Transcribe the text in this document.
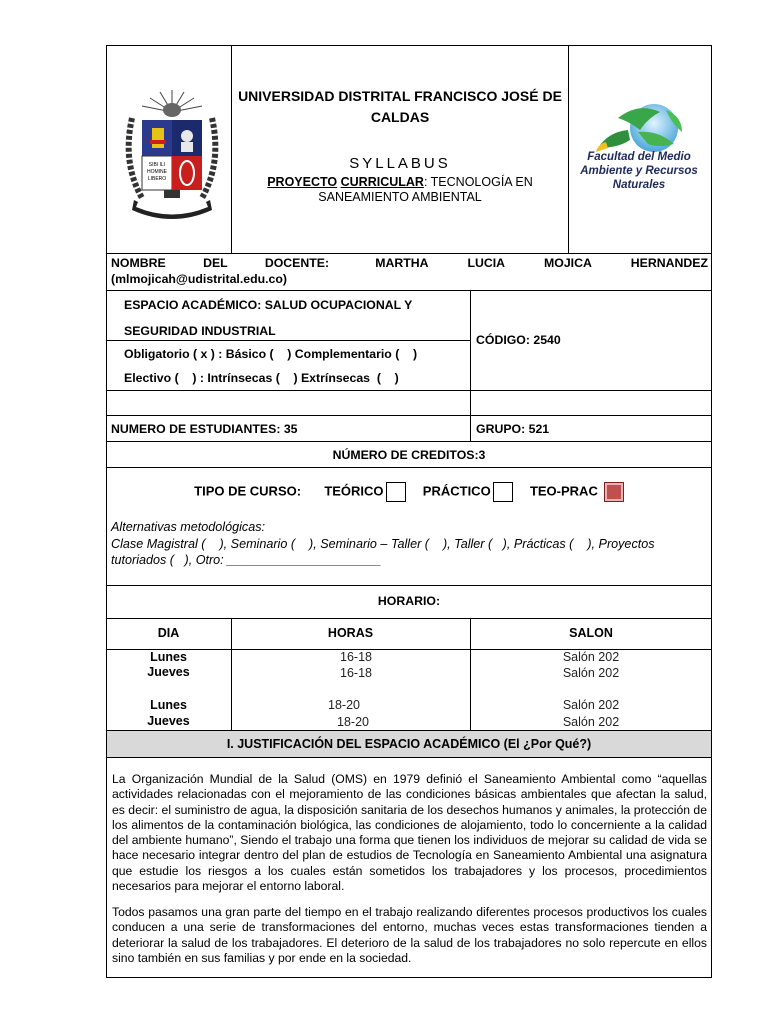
SIBI ILI
HOMINE
LIBERO
UNIVERSIDAD DISTRITAL FRANCISCO JOSÉ DE CALDAS
SYLLABUS
PROYECTO CURRICULAR: TECNOLOGÍA EN SANEAMIENTO AMBIENTAL
Facultad del Medio Ambiente y Recursos Naturales
NOMBRE DEL DOCENTE:	MARTHA LUCIA MOJICA HERNANDEZ
(mlmojicah@udistrital.edu.co)
ESPACIO ACADÉMICO: SALUD OCUPACIONAL Y
SEGURIDAD INDUSTRIAL
Obligatorio ( x ) : Básico (    ) Complementario (    )
Electivo (    ) : Intrínsecas (    ) Extrínsecas  (    )
CÓDIGO: 2540
NUMERO DE ESTUDIANTES: 35	GRUPO: 521
NÚMERO DE CREDITOS:3
TIPO DE CURSO: TEÓRICO	PRÁCTICO	TEO-PRAC
Alternativas metodológicas:
Clase Magistral (    ), Seminario (    ), Seminario – Taller (    ), Taller (   ), Prácticas (    ), Proyectos
tutoriados (   ), Otro: ______________________
HORARIO:
DIA	HORAS	SALON
Lunes	16-18	Salón 202
Jueves	16-18	Salón 202
Lunes	18-20	Salón 202
Jueves	18-20	Salón 202
I. JUSTIFICACIÓN DEL ESPACIO ACADÉMICO (El ¿Por Qué?)
La Organización Mundial de la Salud (OMS) en 1979 definió el Saneamiento Ambiental como “aquellas actividades relacionadas con el mejoramiento de las condiciones básicas ambientales que afectan la salud, es decir: el suministro de agua, la disposición sanitaria de los desechos humanos y animales, la protección de los alimentos de la contaminación biológica, las condiciones de alojamiento, todo lo concerniente a la calidad del ambiente humano”, Siendo el trabajo una forma que tienen los individuos de mejorar su calidad de vida se hace necesario integrar dentro del plan de estudios de Tecnología en Saneamiento Ambiental una asignatura que estudie los riesgos a los cuales están sometidos los trabajadores y los procesos, procedimientos necesarios para mejorar el entorno laboral.
Todos pasamos una gran parte del tiempo en el trabajo realizando diferentes procesos productivos los cuales conducen a una serie de transformaciones del entorno, muchas veces estas transformaciones tienden a deteriorar la salud de los trabajadores. El deterioro de la salud de los trabajadores no solo repercute en ellos sino también en sus familias y por ende en la sociedad.
